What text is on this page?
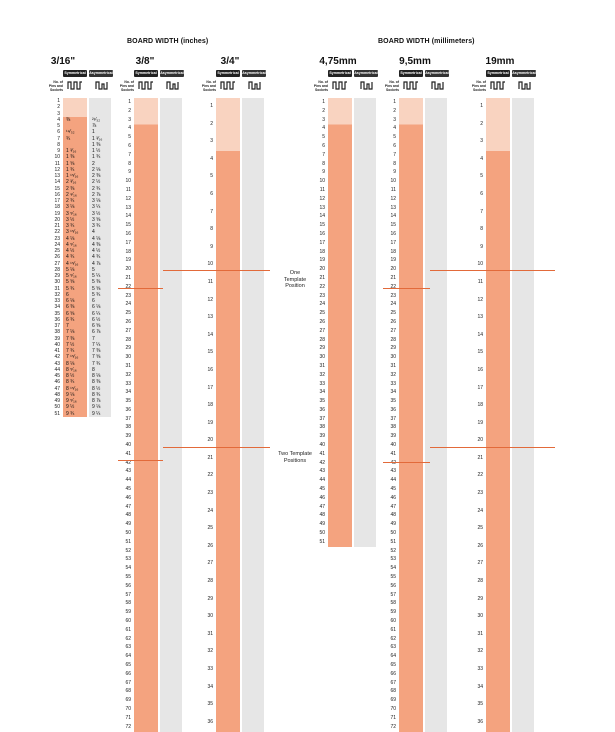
BOARD WIDTH (inches)	BOARD WIDTH (millimeters)
3/16"
Symmetrical Asymmetrical
No. of Pins and Sockets
1
2
3
4
5
6
7
8
9
10
11
12
13
14
15
16
17
18
19
20
21
22
23
24
25
26
27
28
29
30
31
32
33
34
35
36
37
38
39
40
41
42
43
44
45
46
47
48
49
50
51
⅜
¹⁹⁄₃₂
¾
1 ³⁄₁₆
1 ⅜
1 ⅝
1 ¾
1 ¹⁵⁄₁₆
2 ³⁄₁₆
2 ⅜
2 ⁹⁄₁₆
2 ¾
3 ⅛
3 ⁵⁄₁₆
3 ½
3 ¾
3 ¹⁵⁄₁₆
4 ⅛
4 ⁵⁄₁₆
4 ½
4 ¾
4 ¹⁵⁄₁₆
5 ⅛
5 ⁵⁄₁₆
5 ⅝
5 ¾
6
6 ⅛
6 ⅜
6 ⅝
6 ¾
7
7 ⅛
7 ⅜
7 ½
7 ¾
7 ¹⁵⁄₁₆
8 ⅛
8 ⁵⁄₁₆
8 ½
8 ¾
8 ¹⁵⁄₁₆
9 ⅛
9 ⁵⁄₁₆
9 ½
9 ¾
²¹⁄₃₂
⅞
1
1 ³⁄₁₆
1 ⅜
1 ½
1 ¾
2
2 ⅛
2 ⅜
2 ½
2 ¾
2 ⅞
3 ⅛
3 ¼
3 ½
3 ⅝
3 ¾
4
4 ⅛
4 ⅜
4 ½
4 ¾
4 ⅞
5
5 ¼
5 ⅜
5 ⅝
5 ¾
6
6 ⅛
6 ¼
6 ½
6 ⅝
6 ⅞
7
7 ¼
7 ⅜
7 ⅝
7 ¾
8
8 ⅛
8 ⅜
8 ½
8 ¾
8 ⅞
9 ⅛
9 ¼
3/8"
Symmetrical Asymmetrical
No. of Pins and Sockets
1
2
3
4
5
6
7
8
9
10
11
12
13
14
15
16
17
18
19
20
21
22
23
24
25
26
27
28
29
30
31
32
33
34
35
36
37
38
39
40
41
42
43
44
45
46
47
48
49
50
51
52
53
54
55
56
57
58
59
60
61
62
63
64
65
66
67
68
69
70
71
72
3/4"
Symmetrical Asymmetrical
No. of Pins and Sockets
1
2
3
4
5
6
7
8
9
10
11
12
13
14
15
16
17
18
19
20
21
22
23
24
25
26
27
28
29
30
31
32
33
34
35
36
4,75mm
Symmetrical Asymmetrical
No. of Pins and Sockets
1
2
3
4
5
6
7
8
9
10
11
12
13
14
15
16
17
18
19
20
21
22
23
24
25
26
27
28
29
30
31
32
33
34
35
36
37
38
39
40
41
42
43
44
45
46
47
48
49
50
51
9,5mm
Symmetrical Asymmetrical
No. of Pins and Sockets
1
2
3
4
5
6
7
8
9
10
11
12
13
14
15
16
17
18
19
20
21
22
23
24
25
26
27
28
29
30
31
32
33
34
35
36
37
38
39
40
41
42
43
44
45
46
47
48
49
50
51
52
53
54
55
56
57
58
59
60
61
62
63
64
65
66
67
68
69
70
71
72
19mm
Symmetrical Asymmetrical
No. of Pins and Sockets
1
2
3
4
5
6
7
8
9
10
11
12
13
14
15
16
17
18
19
20
21
22
23
24
25
26
27
28
29
30
31
32
33
34
35
36
One Template Position
Two Template Positions
